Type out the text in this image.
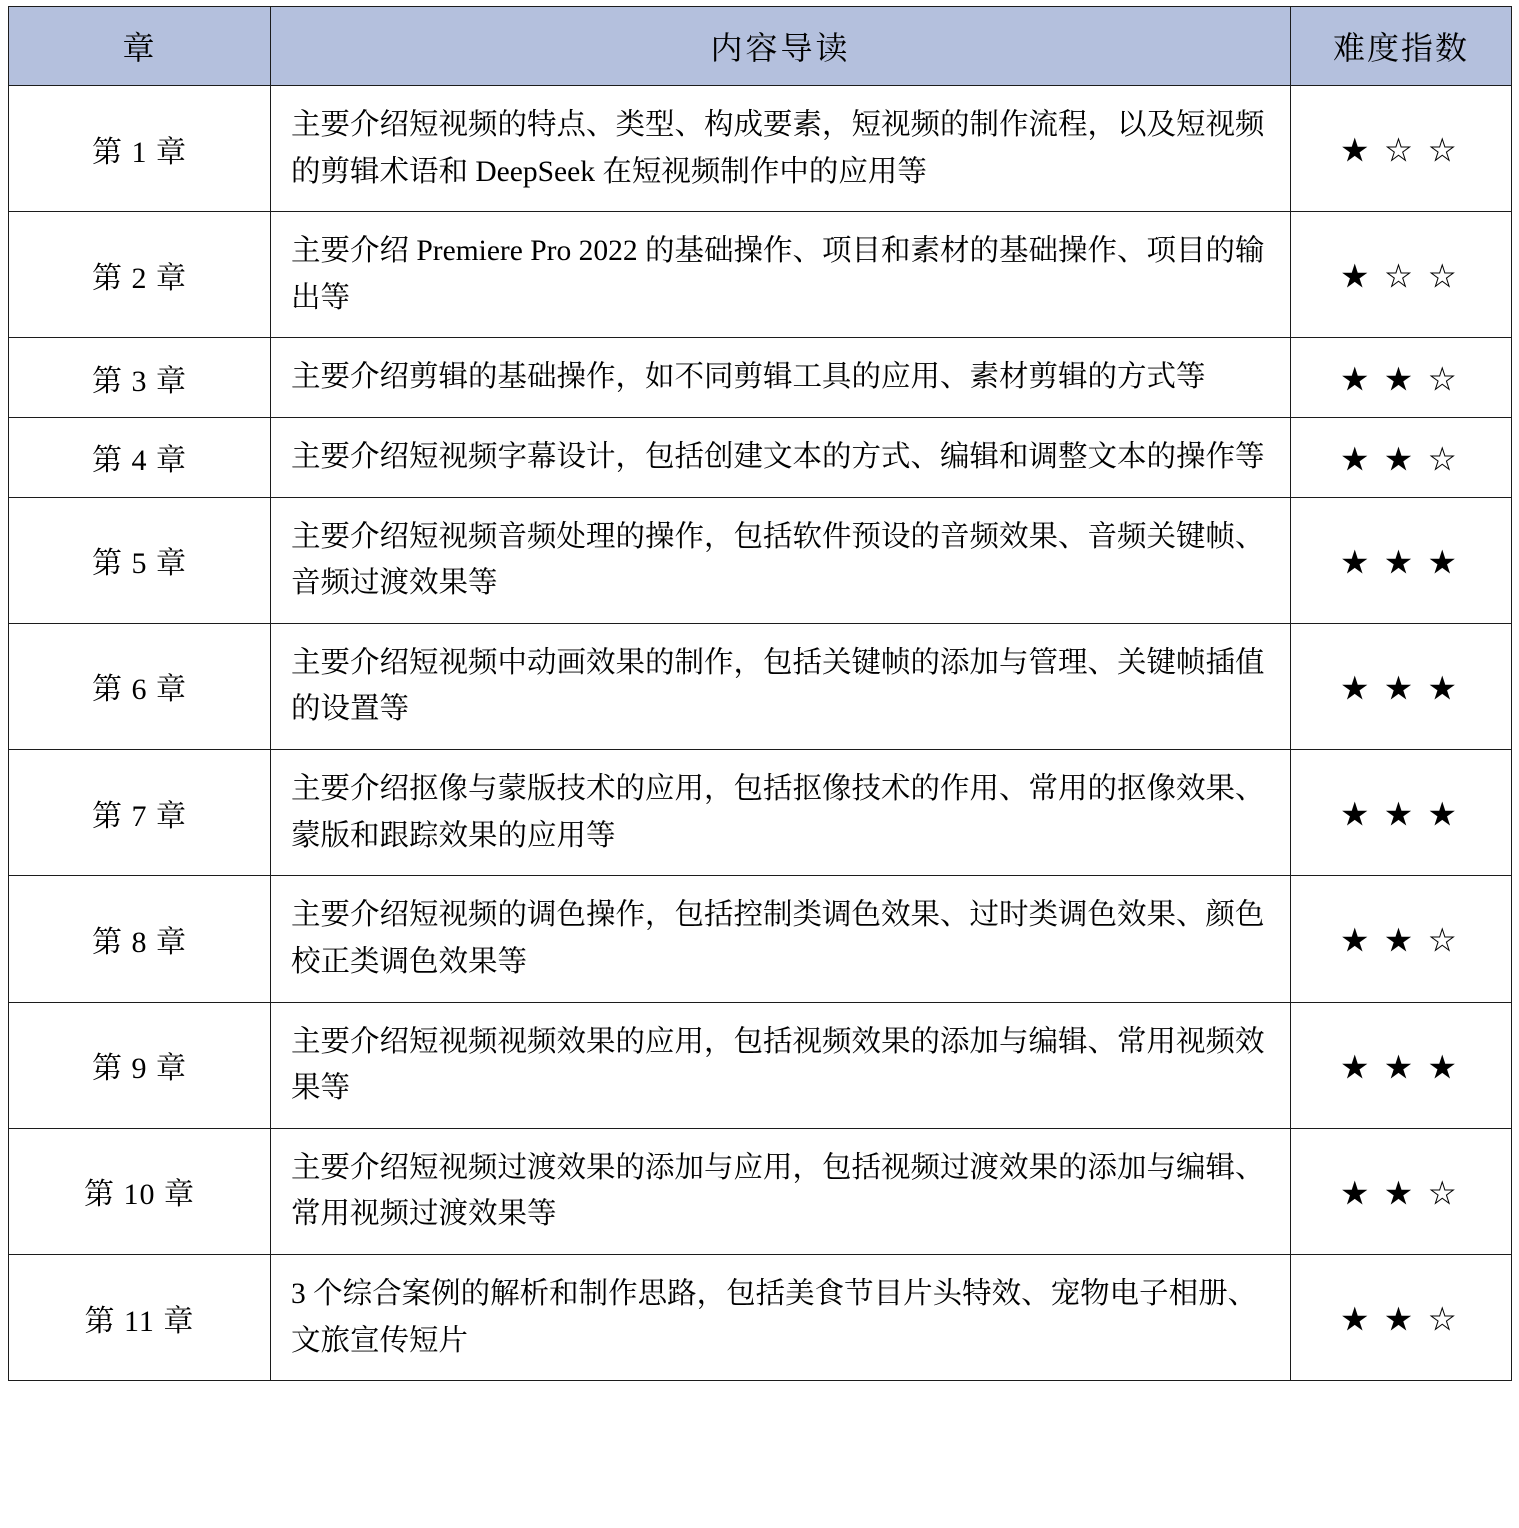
章	内容导读	难度指数
第 1 章	主要介绍短视频的特点、类型、构成要素，短视频的制作流程，以及短视频的剪辑术语和 DeepSeek 在短视频制作中的应用等	★ ☆ ☆
第 2 章	主要介绍 Premiere Pro 2022 的基础操作、项目和素材的基础操作、项目的输出等	★ ☆ ☆
第 3 章	主要介绍剪辑的基础操作，如不同剪辑工具的应用、素材剪辑的方式等	★ ★ ☆
第 4 章	主要介绍短视频字幕设计，包括创建文本的方式、编辑和调整文本的操作等	★ ★ ☆
第 5 章	主要介绍短视频音频处理的操作，包括软件预设的音频效果、音频关键帧、音频过渡效果等	★ ★ ★
第 6 章	主要介绍短视频中动画效果的制作，包括关键帧的添加与管理、关键帧插值的设置等	★ ★ ★
第 7 章	主要介绍抠像与蒙版技术的应用，包括抠像技术的作用、常用的抠像效果、蒙版和跟踪效果的应用等	★ ★ ★
第 8 章	主要介绍短视频的调色操作，包括控制类调色效果、过时类调色效果、颜色校正类调色效果等	★ ★ ☆
第 9 章	主要介绍短视频视频效果的应用，包括视频效果的添加与编辑、常用视频效果等	★ ★ ★
第 10 章	主要介绍短视频过渡效果的添加与应用，包括视频过渡效果的添加与编辑、常用视频过渡效果等	★ ★ ☆
第 11 章	3 个综合案例的解析和制作思路，包括美食节目片头特效、宠物电子相册、文旅宣传短片	★ ★ ☆
